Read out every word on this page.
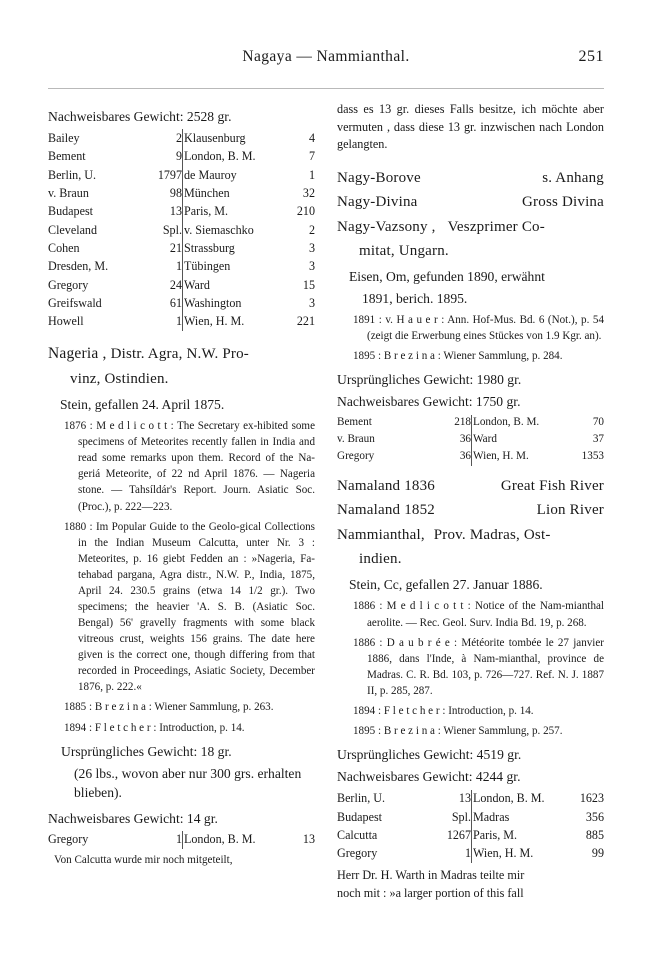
Nagaya — Nammianthal.	251
Nachweisbares Gewicht: 2528 gr.
Bailey	2		Klausenburg	4
Bement	9		London, B. M.	7
Berlin, U.	1797		de Mauroy	1
v. Braun	98		München	32
Budapest	13		Paris, M.	210
Cleveland	Spl.		v. Siemaschko	2
Cohen	21		Strassburg	3
Dresden, M.	1		Tübingen	3
Gregory	24		Ward	15
Greifswald	61		Washington	3
Howell	1		Wien, H. M.	221
Nageria , Distr. Agra, N.W. Pro-
vinz, Ostindien.
Stein, gefallen 24. April 1875.
1876 : M e d l i c o t t : The Secretary ex-hibited some specimens of Meteorites recently fallen in India and read some remarks upon them. Record of the Na-geriá Meteorite, of 22 nd April 1876. — Nageria stone. — Tahsíldár's Report. Journ. Asiatic Soc. (Proc.), p. 222—223.
1880 : Im Popular Guide to the Geolo-gical Collections in the Indian Museum Calcutta, unter Nr. 3 : Meteorites, p. 16 giebt Fedden an : »Nageria, Fa-tehabad pargana, Agra distr., N.W. P., India, 1875, April 24. 230.5 grains (etwa 14 1/2 gr.). Two specimens; the heavier 'A. S. B. (Asiatic Soc. Bengal) 56' gravelly fragments with some black vitreous crust, weights 156 grains. The date here given is the correct one, though differing from that recorded in Proceedings, Asiatic Society, December 1876, p. 222.«
1885 : B r e z i n a : Wiener Sammlung, p. 263.
1894 : F l e t c h e r : Introduction, p. 14.
Ursprüngliches Gewicht: 18 gr.
(26 lbs., wovon aber nur 300 grs. erhalten blieben).
Nachweisbares Gewicht: 14 gr.
Gregory	1		London, B. M.	13
Von Calcutta wurde mir noch mitgeteilt,
dass es 13 gr. dieses Falls besitze, ich möchte aber vermuten , dass diese 13 gr. inzwischen nach London gelangten.
Nagy-Borove	s. Anhang
Nagy-Divina	Gross Divina
Nagy-Vazsony , Veszprimer Co-
mitat, Ungarn.
Eisen, Om, gefunden 1890, erwähnt
1891, berich. 1895.
1891 : v. H a u e r : Ann. Hof-Mus. Bd. 6 (Not.), p. 54 (zeigt die Erwerbung eines Stückes von 1.9 Kgr. an).
1895 : B r e z i n a : Wiener Sammlung, p. 284.
Ursprüngliches Gewicht: 1980 gr.
Nachweisbares Gewicht: 1750 gr.
Bement	218		London, B. M.	70
v. Braun	36		Ward	37
Gregory	36		Wien, H. M.	1353
Namaland 1836	Great Fish River
Namaland 1852	Lion River
Nammianthal, Prov. Madras, Ost-
indien.
Stein, Cc, gefallen 27. Januar 1886.
1886 : M e d l i c o t t : Notice of the Nam-mianthal aerolite. — Rec. Geol. Surv. India Bd. 19, p. 268.
1886 : D a u b r é e : Météorite tombée le 27 janvier 1886, dans l'Inde, à Nam-mianthal, province de Madras. C. R. Bd. 103, p. 726—727. Ref. N. J. 1887 II, p. 285, 287.
1894 : F l e t c h e r : Introduction, p. 14.
1895 : B r e z i n a : Wiener Sammlung, p. 257.
Ursprüngliches Gewicht: 4519 gr.
Nachweisbares Gewicht: 4244 gr.
Berlin, U.	13		London, B. M.	1623
Budapest	Spl.		Madras	356
Calcutta	1267		Paris, M.	885
Gregory	1		Wien, H. M.	99
Herr Dr. H. Warth in Madras teilte mir
noch mit : »a larger portion of this fall
